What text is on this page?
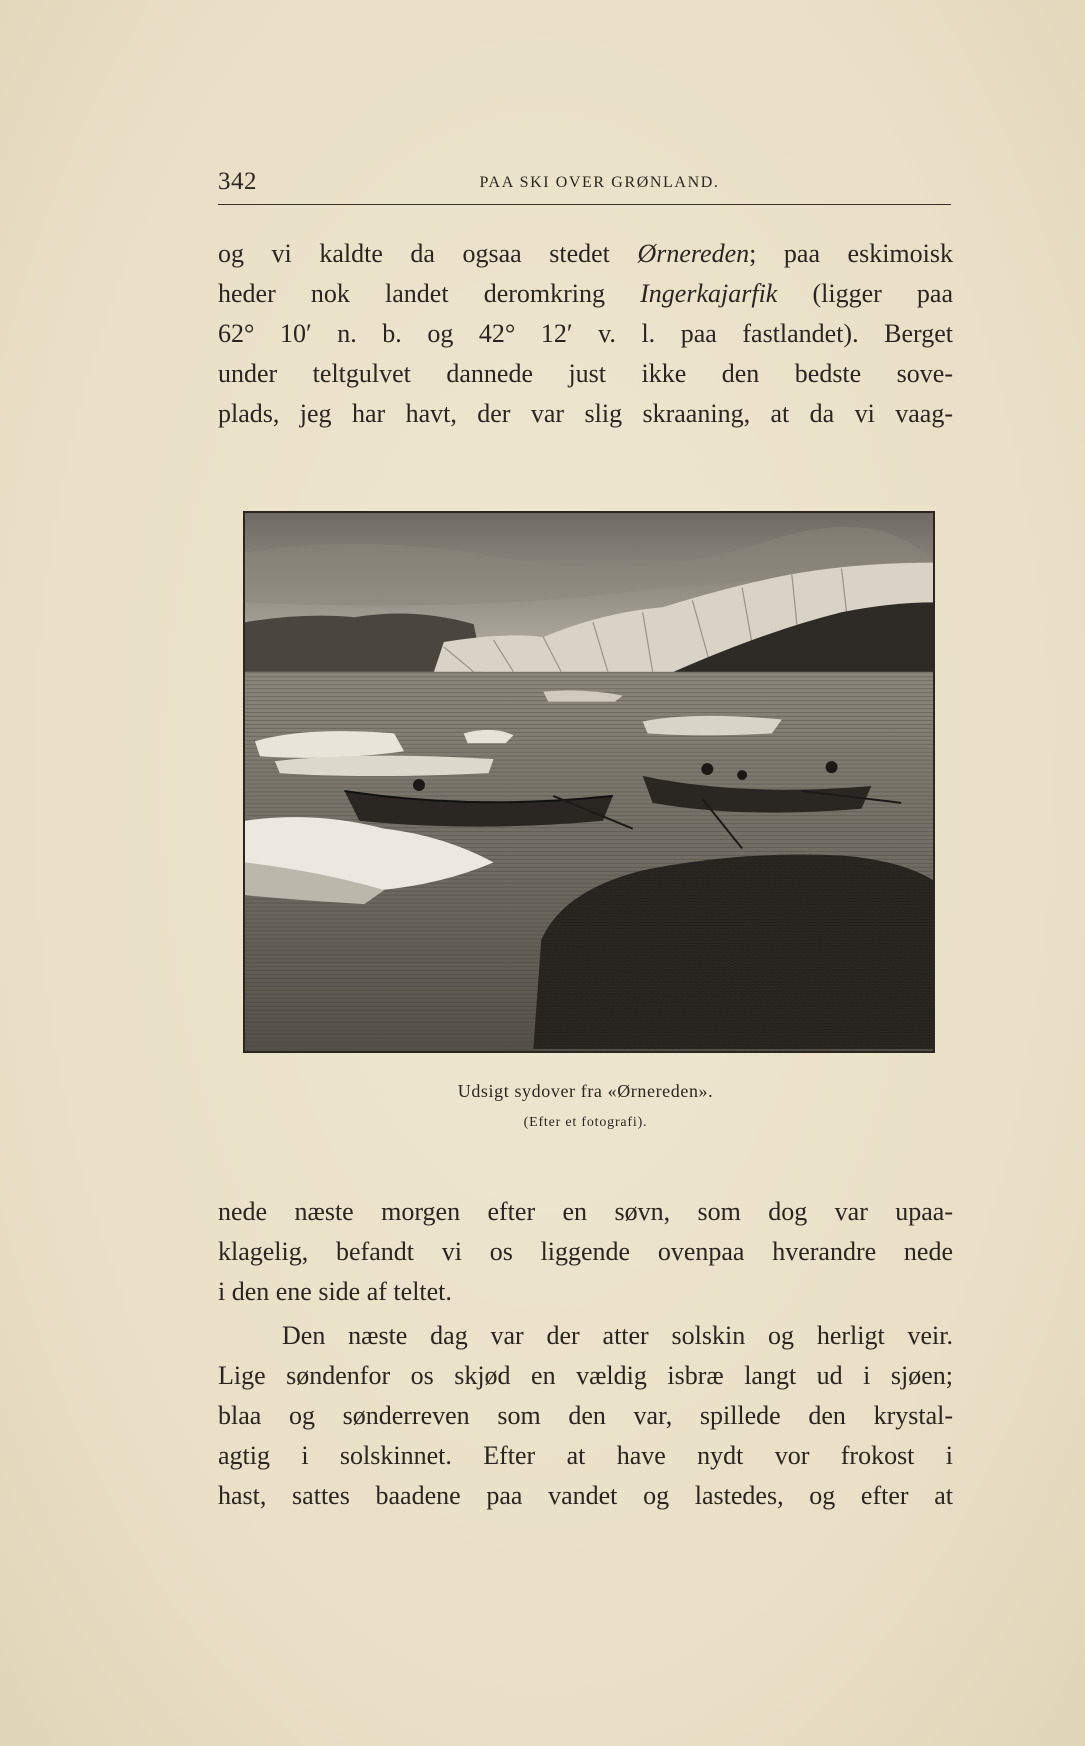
342	PAA SKI OVER GRØNLAND.

og vi kaldte da ogsaa stedet Ørnereden; paa eskimoisk
heder nok landet deromkring Ingerkajarfik (ligger paa
62° 10′ n. b. og 42° 12′ v. l. paa fastlandet). Berget
under teltgulvet dannede just ikke den bedste sove-
plads, jeg har havt, der var slig skraaning, at da vi vaag-

Udsigt sydover fra «Ørnereden».
(Efter et fotografi).

nede næste morgen efter en søvn, som dog var upaa-
klagelig, befandt vi os liggende ovenpaa hverandre nede
i den ene side af teltet.

Den næste dag var der atter solskin og herligt veir.
Lige søndenfor os skjød en vældig isbræ langt ud i sjøen;
blaa og sønderreven som den var, spillede den krystal-
agtig i solskinnet. Efter at have nydt vor frokost i
hast, sattes baadene paa vandet og lastedes, og efter at
